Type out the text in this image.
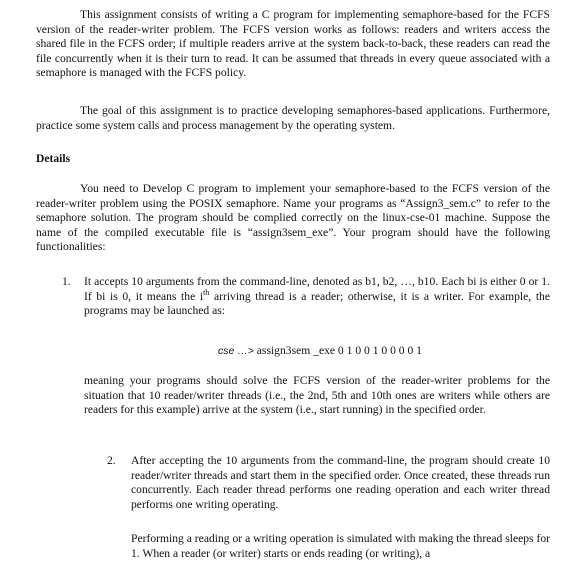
This assignment consists of writing a C program for implementing semaphore-based for the FCFS version of the reader-writer problem. The FCFS version works as follows: readers and writers access the shared file in the FCFS order; if multiple readers arrive at the system back-to-back, these readers can read the file concurrently when it is their turn to read. It can be assumed that threads in every queue associated with a semaphore is managed with the FCFS policy.

The goal of this assignment is to practice developing semaphores-based applications. Furthermore, practice some system calls and process management by the operating system.

Details

You need to Develop C program to implement your semaphore-based to the FCFS version of the reader-writer problem using the POSIX semaphore. Name your programs as “Assign3_sem.c” to refer to the semaphore solution. The program should be complied correctly on the linux-cse-01 machine. Suppose the name of the compiled executable file is “assign3sem_exe”. Your program should have the following functionalities:

1. It accepts 10 arguments from the command-line, denoted as b1, b2, …, b10. Each bi is either 0 or 1. If bi is 0, it means the $i^{th}$ arriving thread is a reader; otherwise, it is a writer. For example, the programs may be launched as:

cse …> assign3sem _exe 0 1 0 0 1 0 0 0 0 1

meaning your programs should solve the FCFS version of the reader-writer problems for the situation that 10 reader/writer threads (i.e., the 2nd, 5th and 10th ones are writers while others are readers for this example) arrive at the system (i.e., start running) in the specified order.

2. After accepting the 10 arguments from the command-line, the program should create 10 reader/writer threads and start them in the specified order. Once created, these threads run concurrently. Each reader thread performs one reading operation and each writer thread performs one writing operating.

Performing a reading or a writing operation is simulated with making the thread sleeps for 1. When a reader (or writer) starts or ends reading (or writing), a
